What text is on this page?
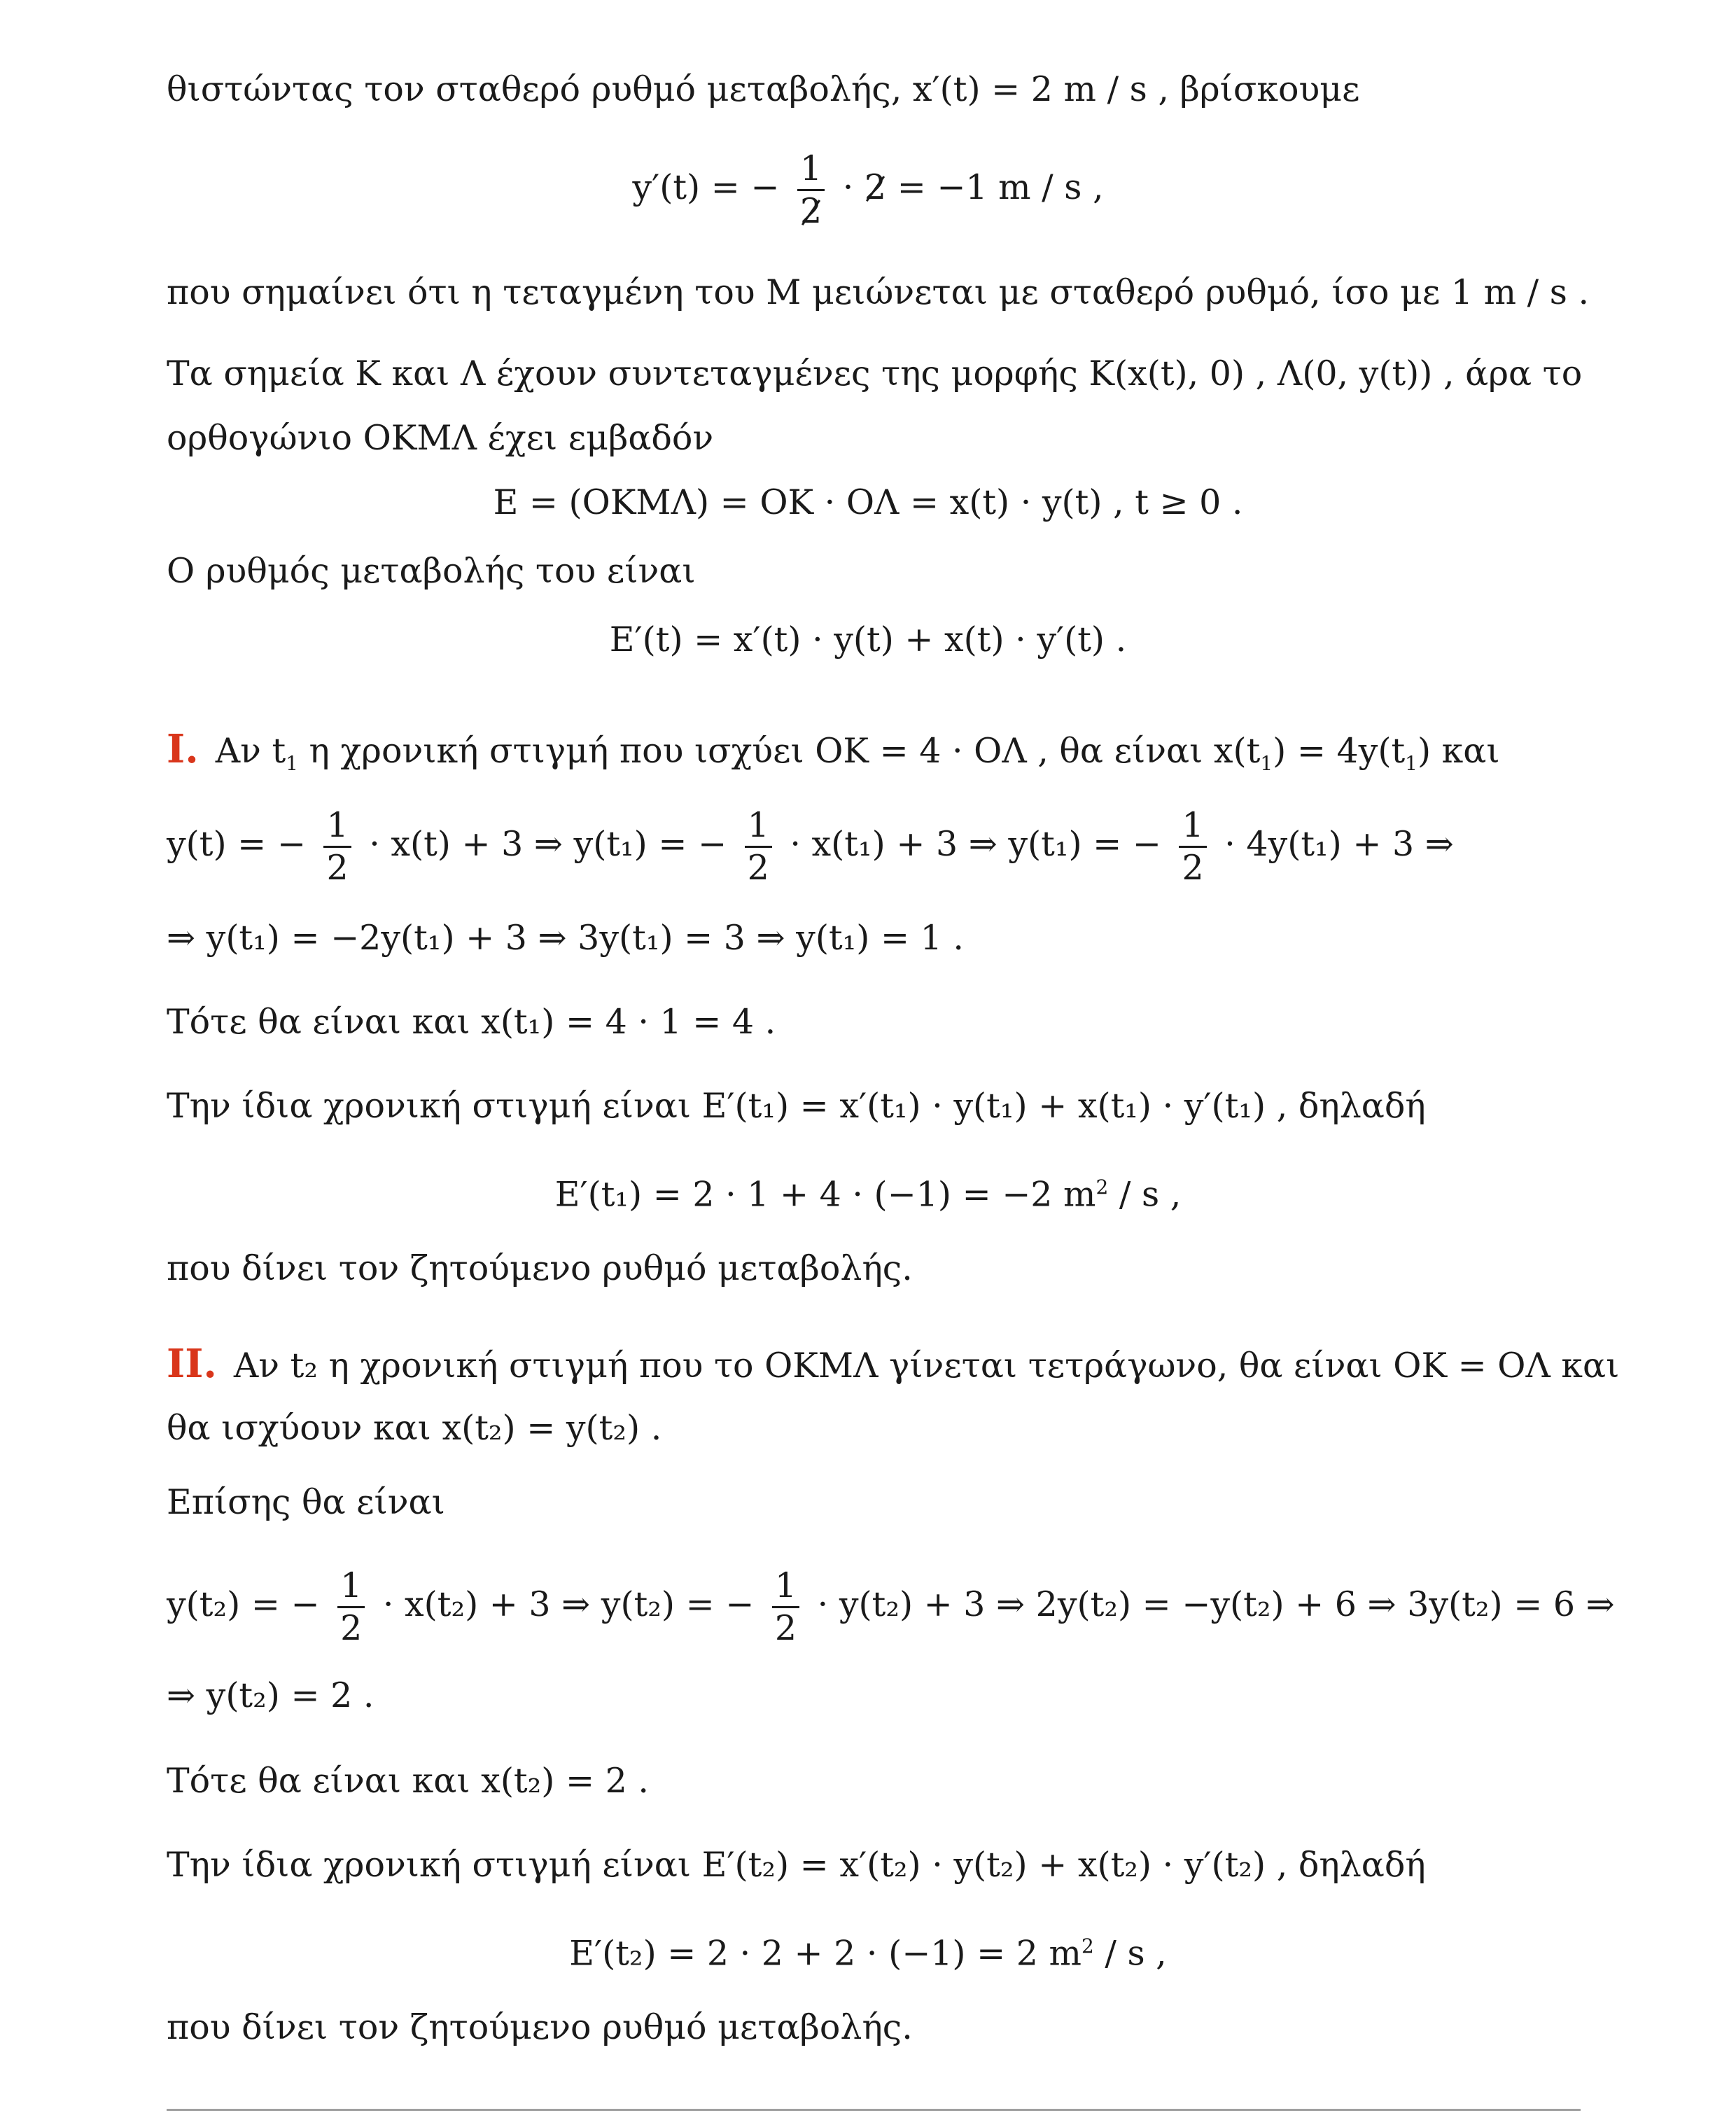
θιστώντας τον σταθερό ρυθμό μεταβολής, x′(t) = 2 m / s , βρίσκουμε
y′(t) = − $\frac{1}{2} \cdot 2 = -1$ m / s ,
που σημαίνει ότι η τεταγμένη του Μ μειώνεται με σταθερό ρυθμό, ίσο με 1 m / s .
Τα σημεία Κ και Λ έχουν συντεταγμένες της μορφής Κ(x(t), 0) , Λ(0, y(t)) , άρα το
ορθογώνιο ΟΚΜΛ έχει εμβαδόν
Ε = (ΟΚΜΛ) = ΟΚ · ΟΛ = x(t) · y(t) , t ≥ 0 .
Ο ρυθμός μεταβολής του είναι
Ε′(t) = x′(t) · y(t) + x(t) · y′(t) .
Ι. Αν $t_1$ η χρονική στιγμή που ισχύει ΟΚ = 4 · ΟΛ , θα είναι $x(t_1) = 4y(t_1)$ και
y(t) = − $\frac{1}{2} \cdot x(t) + 3$ ⇒ y(t₁) = − $\frac{1}{2} \cdot x(t_1) + 3$ ⇒ y(t₁) = − $\frac{1}{2} \cdot 4y(t_1) + 3$ ⇒
⇒ y(t₁) = −2y(t₁) + 3 ⇒ 3y(t₁) = 3 ⇒ y(t₁) = 1 .
Τότε θα είναι και x(t₁) = 4 · 1 = 4 .
Την ίδια χρονική στιγμή είναι Ε′(t₁) = x′(t₁) · y(t₁) + x(t₁) · y′(t₁) , δηλαδή
Ε′(t₁) = 2 · 1 + 4 · (−1) = −2 $m^2$ / s ,
που δίνει τον ζητούμενο ρυθμό μεταβολής.
ΙΙ. Αν t₂ η χρονική στιγμή που το ΟΚΜΛ γίνεται τετράγωνο, θα είναι ΟΚ = ΟΛ και
θα ισχύουν και x(t₂) = y(t₂) .
Επίσης θα είναι
y(t₂) = − $\frac{1}{2} \cdot x(t_2) + 3$ ⇒ y(t₂) = − $\frac{1}{2} \cdot y(t_2) + 3$ ⇒ 2y(t₂) = −y(t₂) + 6 ⇒ 3y(t₂) = 6 ⇒
⇒ y(t₂) = 2 .
Τότε θα είναι και x(t₂) = 2 .
Την ίδια χρονική στιγμή είναι Ε′(t₂) = x′(t₂) · y(t₂) + x(t₂) · y′(t₂) , δηλαδή
Ε′(t₂) = 2 · 2 + 2 · (−1) = 2 $m^2$ / s ,
που δίνει τον ζητούμενο ρυθμό μεταβολής.
